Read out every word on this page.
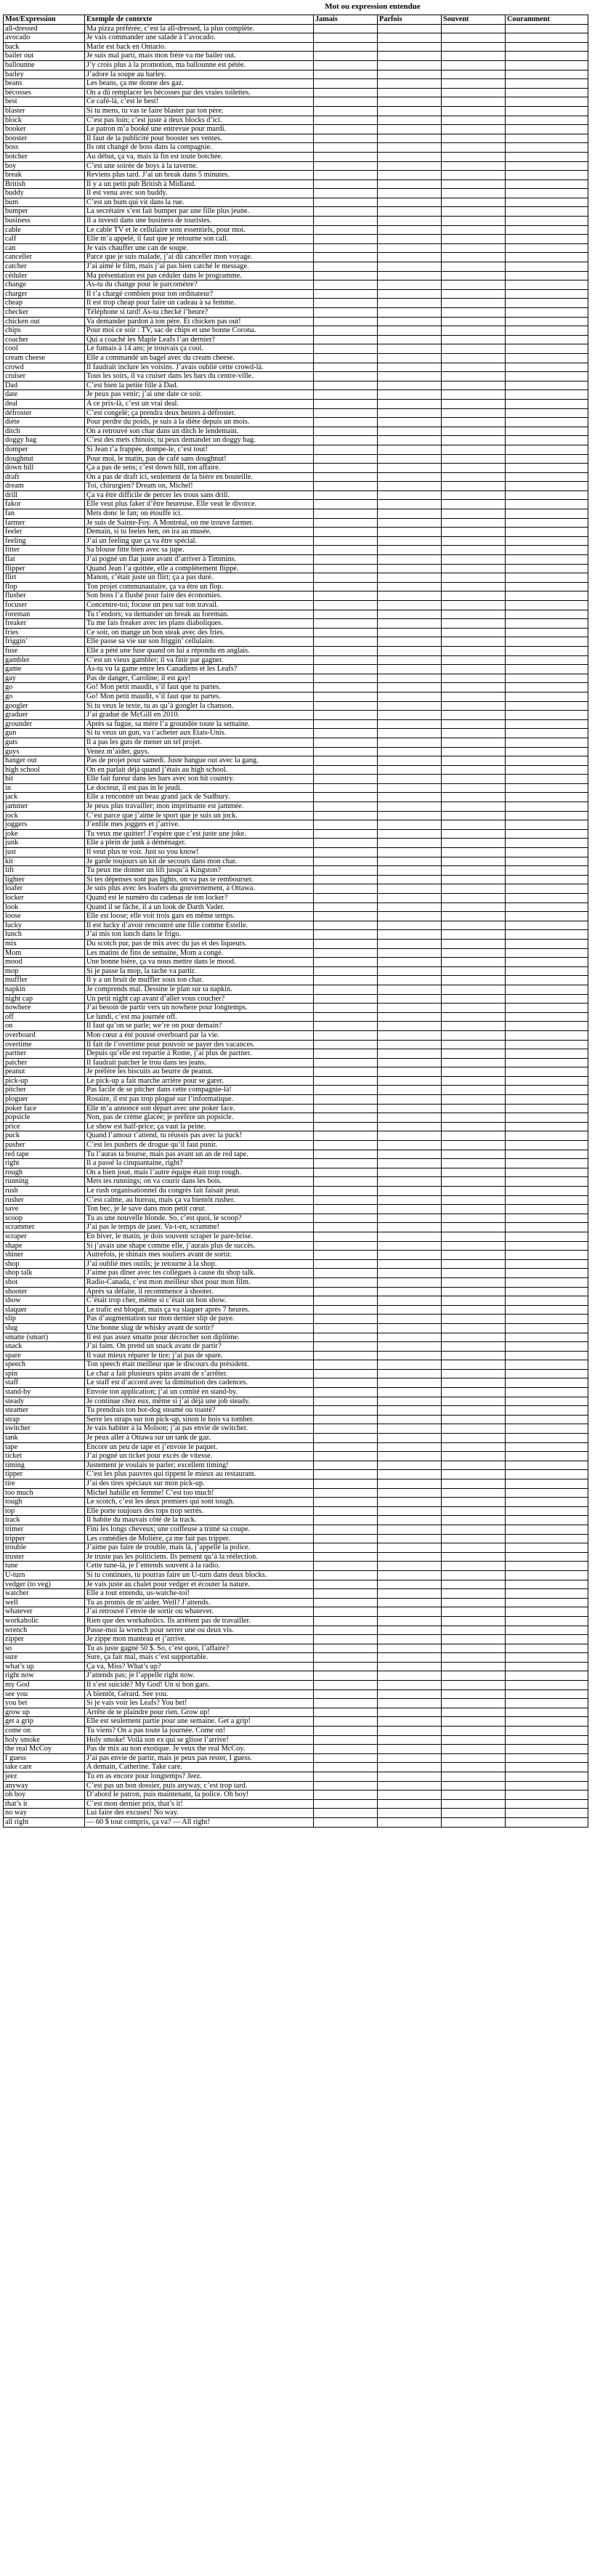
Mot ou expression entendue
Mot/Expression	Exemple de contexte	Jamais	Parfois	Souvent	Couramment
all-dressed	Ma pizza préférée, c’est la all-dressed, la plus complète.				
avocado	Je vais commander une salade à l’avocado.				
back	Marie est back en Ontario.				
bailer out	Je suis mal parti, mais mon frère va me bailer out.				
ballounne	J’y crois plus à la promotion, ma ballounne est pétée.				
barley	J’adore la soupe au barley.				
beans	Les beans, ça me donne des gaz.				
bécosses	On a dû remplacer les bécosses par des vraies toilettes.				
best	Ce café-là, c’est le best!				
blaster	Si tu mens, tu vas te faire blaster par ton père.				
block	C’est pas loin; c’est juste à deux blocks d’ici.				
booker	Le patron m’a booké une entrevue pour mardi.				
booster	Il faut de la publicité pour booster ses ventes.				
boss	Ils ont changé de boss dans la compagnie.				
botcher	Au début, ça va, mais là fin est toute botchée.				
boy	C’est une soirée de boys à la taverne.				
break	Reviens plus tard. J’ai un break dans 5 minutes.				
British	Il y a un petit pub British à Midland.				
buddy	Il est venu avec son buddy.				
bum	C’est un bum qui vit dans la rue.				
bumper	La secrétaire s’est fait bumper par une fille plus jeune.				
business	Il a investi dans une business de touristes.				
cable	Le cable TV et le cellulaire sont essentiels, pour moi.				
calf	Elle m’a appelé, il faut que je retourne son call.				
can	Je vais chauffer une can de soupe.				
canceller	Parce que je suis malade, j’ai dû canceller mon voyage.				
catcher	J’ai aimé le film, mais j’ai pas bien catché le message.				
céduler	Ma présentation est pas céduler dans le programme.				
change	As-tu du change pour le parcomètre?				
charger	Il t’a chargé combien pour ton ordinateur?				
cheap	Il est trop cheap pour faire un cadeau à sa femme.				
checker	Téléphone si tard! As-tu checké l’heure?				
chicken out	Va demander pardon à ton père. Et chicken pas out!				
chips	Pour moi ce soir : TV, sac de chips et une bonne Corona.				
coacher	Qui a coaché les Maple Leafs l’an dernier?				
cool	Le fumais à 14 ans; je trouvais ça cool.				
cream cheese	Elle a commandé un bagel avec du cream cheese.				
crowd	Il faudrait inclure les voisins. J’avais oublié cette crowd-là.				
cruiser	Tous les soirs, il va cruiser dans les bars du centre-ville.				
Dad	C’est bien la petite fille à Dad.				
date	Je peux pas venir; j’ai une date ce soir.				
deal	A ce prix-là, c’est un vrai deal.				
défroster	C’est congelé; ça prendra deux heures à défroster.				
diète	Pour perdre du poids, je suis à la diète depuis un mois.				
ditch	On a retrouvé son char dans un ditch le lendemain.				
doggy bag	C’est des mets chinois; tu peux demander un doggy bag.				
domper	Si Jean t’a frappée, dompe-le, c’est tout!				
doughnut	Pour moi, le matin, pas de café sans doughnut!				
down hill	Ça a pas de sens; c’est down hill, ton affaire.				
draft	On a pas de draft ici, seulement de la bière en bouteille.				
dream	Toi, chirurgien? Dream on, Michel!				
drill	Ça va être difficile de percer les trous sans drill.				
fakor	Elle veut plus faker d’être heureuse. Elle veut le divorce.				
fan	Mets donc le fan; on étouffe ici.				
farmer	Je suis de Sainte-Foy. A Montréal, on me trouve farmer.				
feeler	Demain, si tu feeles ben, on ira au musée.				
feeling	J’ai un feeling que ça va être spécial.				
fitter	Sa blouse fitte bien avec sa jupe.				
flat	J’ai pogné un flat juste avant d’arriver à Timmins.				
flipper	Quand Jean l’a quittée, elle a complètement flippé.				
flirt	Manon, c’était juste un flirt; ça a pas duré.				
flop	Ton projet communautaire, ça va être un flop.				
flusher	Son boss l’a flushé pour faire des économies.				
focuser	Concentre-toi; focuse un peu sur ton travail.				
foreman	Tu t’endors; va demander un break au foreman.				
freaker	Tu me fais freaker avec tes plans diaboliques.				
fries	Ce soir, on mange un bon steak avec des fries.				
friggin’	Elle passe sa vie sur son friggin’ cellulaire.				
fuse	Elle a pété une fuse quand on lui a répondu en anglais.				
gambler	C’est un vieux gambler; il va finir par gagner.				
game	As-tu vu la game entre les Canadiens et les Leafs?				
gay	Pas de danger, Caroline; il est gay!				
go	Go! Mon petit maudit, s’il faut que tu partes.				
go	Go! Mon petit maudit, s’il faut que tu partes.				
googler	Si tu veux le texte, tu as qu’à googler la chanson.				
graduer	J’ai gradué de McGill en 2010.				
grounder	Après sa fugue, sa mère l’a groundée toute la semaine.				
gun	Si tu veux un gun, va t’acheter aux États-Unis.				
guts	Il a pas les guts de mener un tel projet.				
guys	Venez m’aider, guys.				
hanger out	Pas de projet pour samedi. Juste hangue out avec la gang.				
high school	On en parlait déjà quand j’étais au high school.				
hit	Elle fait fureur dans les bars avec son hit country.				
in	Le docteur, il est pas in le jeudi.				
jack	Elle a rencontré un beau grand jack de Sudbury.				
jammer	Je peux plus travailler; mon imprimante est jammée.				
jock	C’est parce que j’aime le sport que je suis un jock.				
joggers	J’enfile mes joggers et j’arrive.				
joke	Tu veux me quitter! J’espère que c’est juste une joke.				
junk	Elle a plein de junk à déménager.				
just	Il veut plus te voir. Just so you know!				
kit	Je garde toujours un kit de secours dans mon char.				
lift	Tu peux me donner un lift jusqu’à Kingston?				
lighter	Si tes dépenses sont pas lights, on va pas te rembourser.				
loafer	Je suis plus avec les loafers du gouvernement, à Ottawa.				
locker	Quand est le numéro du cadenas de ton locker?				
look	Quand il se fâche, il a un look de Darth Vader.				
loose	Elle est loose; elle voit trois gars en même temps.				
lucky	Il est lucky d’avoir rencontré une fille comme Estelle.				
lunch	J’ai mis ton lunch dans le frigo.				
mix	Du scotch pur, pas de mix avec du jus et des liqueurs.				
Mom	Les matins de fins de semaine, Mom a congé.				
mood	Une bonne bière, ça va nous mettre dans le mood.				
mop	Si je passe la mop, la tache va partir.				
muffler	Il y a un bruit de muffler sous ton char.				
napkin	Je comprends mal. Dessine le plan sur ta napkin.				
night cap	Un petit night cap avant d’aller vous coucher?				
nowhere	J’ai besoin de partir vers un nowhere pour longtemps.				
off	Le lundi, c’est ma journée off.				
on	Il faut qu’on se parle; we’re on pour demain?				
overboard	Mon cœur a été poussé overboard par la vie.				
overtime	Il fait de l’overtime pour pouvoir se payer des vacances.				
partner	Depuis qu’elle est repartie à Rome, j’ai plus de partner.				
patcher	Il faudrait patcher le trou dans tes jeans.				
peanut	Je préfère les biscuits au beurre de peanut.				
pick-up	Le pick-up a fait marche arrière pour se garer.				
pitcher	Pas facile de se pitcher dans cette compagnie-là!				
ploguer	Rosaire, il est pas trop plogué sur l’informatique.				
poker face	Elle m’a annoncé son départ avec une poker face.				
popsicle	Non, pas de crème glacée; je préfère un popsicle.				
price	Le show est half-price; ça vaut la peine.				
puck	Quand l’amour t’attend, tu réussis pas avec la puck!				
pusher	C’est les pushers de drogue qu’il faut punir.				
red tape	Tu l’auras ta bourse, mais pas avant un an de red tape.				
right	Il a passé la cinquantaine, right?				
rough	On a bien joué, mais l’autre équipe était trop rough.				
running	Mets tes runnings; on va courir dans les bois.				
rush	Le rush organisationnel du congrès fait faisait peur.				
rusher	C’est calme, au bureau, mais ça va bientôt rusher.				
save	Ton bec, je le save dans mon petit cœur.				
scoop	Tu as une nouvelle blonde. So, c’est quoi, le scoop?				
scrammer	J’ai pas le temps de jaser. Va-t-en, scramme!				
scraper	En hiver, le matin, je dois souvent scraper le pare-brise.				
shape	Si j’avais une shape comme elle, j’aurais plus de succès.				
shiner	Autrefois, je shinais mes souliers avant de sortir.				
shop	J’ai oublié mes outils; je retourne à la shop.				
shop talk	J’aime pas dîner avec tes collègues à cause du shop talk.				
shot	Radio-Canada, c’est mon meilleur shot pour mon film.				
shooter	Après sa défaite, il recommence à shooter.				
show	C’était trop cher, même si c’était un bon show.				
slaquer	Le trafic est bloqué, mais ça va slaquer après 7 heures.				
slip	Pas d’augmentation sur mon dernier slip de paye.				
slug	Une bonne slug de whisky avant de sortir?				
smatte (smart)	Il est pas assez smatte pour décrocher son diplôme.				
snack	J’ai faim. On prend un snack avant de partir?				
spare	Il vaut mieux réparer le tire; j’ai pas de spare.				
speech	Ton speech était meilleur que le discours du président.				
spin	Le char a fait plusieurs spins avant de s’arrêter.				
staff	Le staff est d’accord avec la diminution des cadences.				
stand-by	Envoie ton application; j’ai un comité en stand-by.				
steady	Je continue chez eux, même si j’ai déjà une job steady.				
steamer	Tu prendrais ton hot-dog steamé ou toasté?				
strap	Serre les straps sur ton pick-up, sinon le bois va tomber.				
switcher	Je vais habiter à la Molson; j’ai pas envie de switcher.				
tank	Je peux aller à Ottawa sur un tank de gaz.				
tape	Encore un peu de tape et j’envoie le paquet.				
ticket	J’ai pogné un ticket pour excès de vitesse.				
timing	Justement je voulais te parler; excellent timing!				
tipper	C’est les plus pauvres qui tippent le mieux au restaurant.				
tire	J’ai des tires spéciaux sur mon pick-up.				
too much	Michel habille en femme! C’est too much!				
tough	Le scotch, c’est les deux premiers qui sont tough.				
top	Elle porte toujours des tops trop serrés.				
track	Il habite du mauvais côté de la track.				
trimer	Fini les longs cheveux; une coiffeuse a trimé sa coupe.				
tripper	Les comédies de Molière, ça me fait pas tripper.				
trouble	J’aime pas faire de trouble, mais là, j’appelle la police.				
truster	Je truste pas les politiciens. Ils pensent qu’à la réélection.				
tune	Cette tune-là, je l’entends souvent à la radio.				
U-turn	Si tu continues, tu pourras faire un U-turn dans deux blocks.				
vedger (to veg)	Je vais juste au chalet pour vedger et écouter la nature.				
watcher	Elle a tout entendu, us-watche-toi!				
well	Tu as promis de m’aider. Well? J’attends.				
whatever	J’ai retrouvé l’envie de sortir ou whatever.				
workaholic	Rien que des workaholics. Ils arrêtent pas de travailler.				
wrench	Passe-moi la wrench pour serrer une ou deux vis.				
zipper	Je zippe mon manteau et j’arrive.				
so	Tu as juste gagné 50 $. So, c’est quoi, l’affaire?				
sure	Sure, ça fait mal, mais c’est supportable.				
what’s up	Ça va, Miss? What’s up?				
right now	J’attends pas; je l’appelle right now.				
my God	Il s’est suicidé? My God! Un si bon gars.				
see you	A bientôt, Gérard. See you.				
you bet	Si je vais voir les Leafs? You bet!				
grow up	Arrête de te plaindre pour rien. Grow up!				
get a grip	Elle est seulement partie pour une semaine. Get a grip!				
come on	Tu viens? On a pas toute la journée. Come on!				
holy smoke	Holy smoke! Voilà son ex qui se glisse l’arrive!				
the real McCoy	Pas de mix au non exotique. Je veux the real McCoy.				
I guess	J’ai pas envie de partir, mais je peux pas rester, I guess.				
take care	A demain, Catherine. Take care.				
jeez	Tu en as encore pour longtemps? Jeez.				
anyway	C’est pas un bon dossier, puis anyway, c’est trop tard.				
oh boy	D’abord le patron, puis maintenant, la police. Oh boy!				
that’s it	C’est mon dernier prix, that’s it!				
no way	Lui faire des excuses! No way.				
all right	— 60 $ tout compris, ça va? — All right!				
